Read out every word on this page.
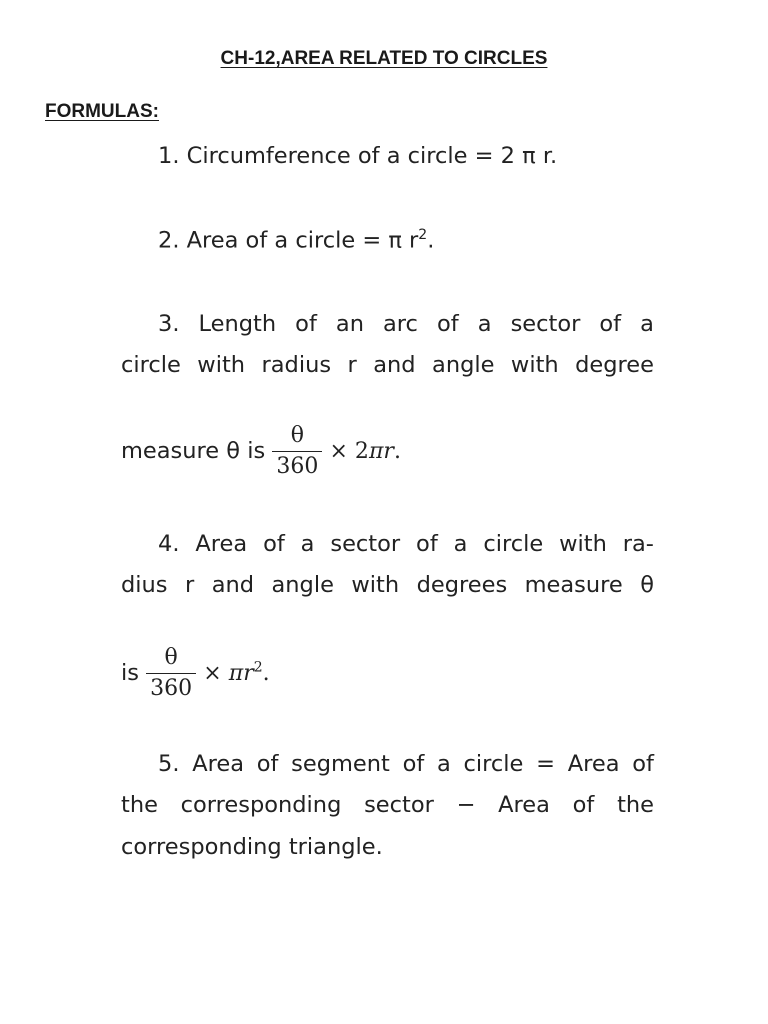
CH-12,AREA RELATED TO CIRCLES
FORMULAS:
1. Circumference of a circle = 2 π r.
2. Area of a circle = π $r^2$.
3. Length of an arc of a sector of a
circle with radius r and angle with degree
measure θ is $\frac{\theta}{360} \times 2\pi r$.
4. Area of a sector of a circle with ra-
dius r and angle with degrees measure θ
is $\frac{\theta}{360} \times \pi r^2$.
5. Area of segment of a circle = Area of
the corresponding sector − Area of the
corresponding triangle.
